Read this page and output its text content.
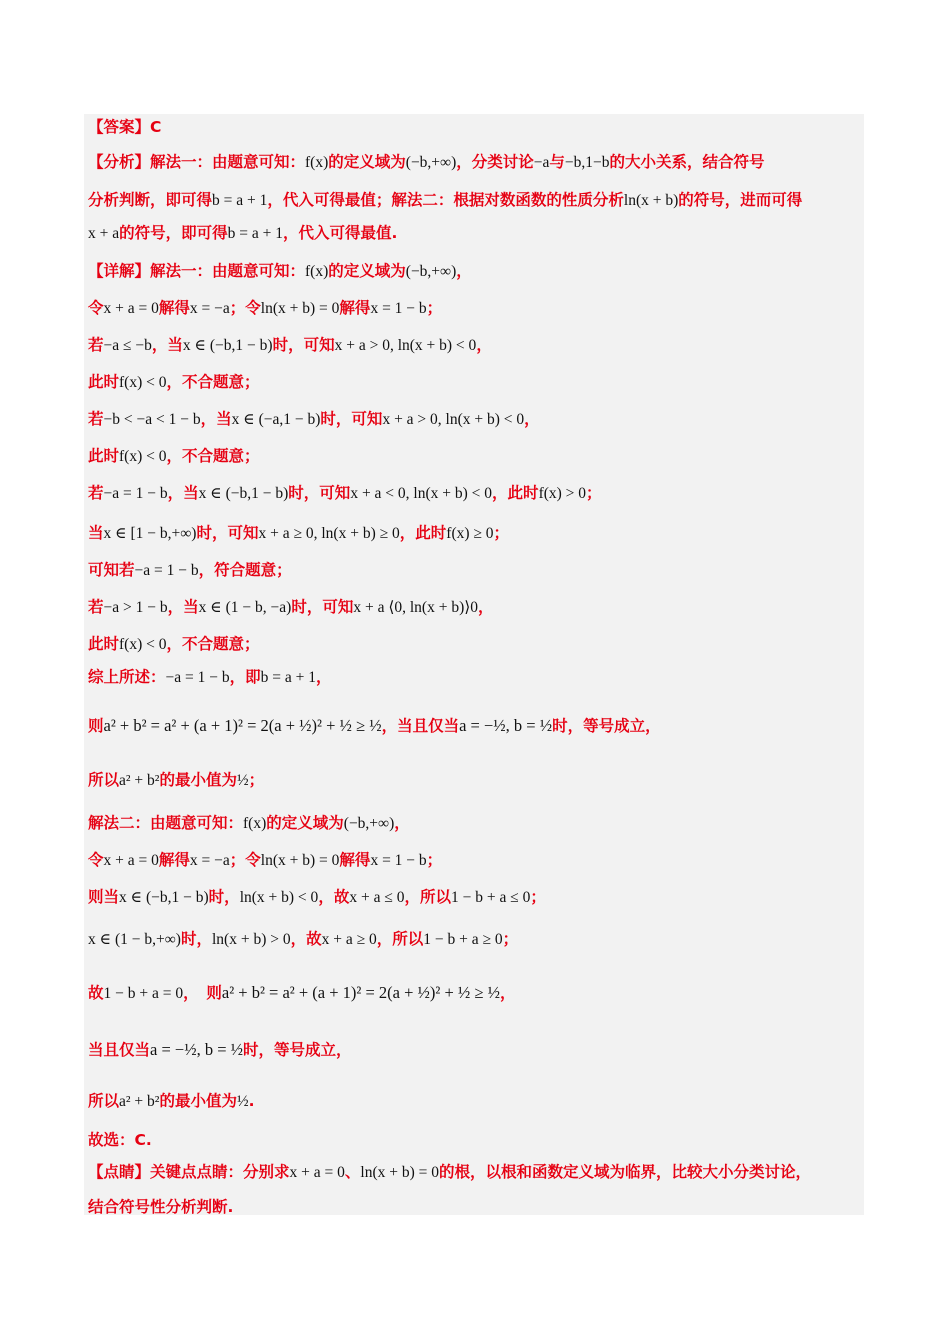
【答案】C
【分析】解法一：由题意可知：f(x)的定义域为(−b,+∞)，分类讨论−a与−b,1−b的大小关系，结合符号
分析判断，即可得b = a + 1，代入可得最值；解法二：根据对数函数的性质分析ln(x + b)的符号，进而可得
x + a的符号，即可得b = a + 1，代入可得最值.
【详解】解法一：由题意可知：f(x)的定义域为(−b,+∞)，
令x + a = 0解得x = −a；令ln(x + b) = 0解得x = 1 − b；
若−a ≤ −b，当x ∈ (−b,1 − b)时，可知x + a > 0, ln(x + b) < 0，
此时f(x) < 0，不合题意；
若−b < −a < 1 − b，当x ∈ (−a,1 − b)时，可知x + a > 0, ln(x + b) < 0，
此时f(x) < 0，不合题意；
若−a = 1 − b，当x ∈ (−b,1 − b)时，可知x + a < 0, ln(x + b) < 0，此时f(x) > 0；
当x ∈ [1 − b,+∞)时，可知x + a ≥ 0, ln(x + b) ≥ 0，此时f(x) ≥ 0；
可知若−a = 1 − b，符合题意；
若−a > 1 − b，当x ∈ (1 − b, −a)时，可知x + a ⟨0, ln(x + b)⟩0，
此时f(x) < 0，不合题意；
综上所述：−a = 1 − b，即b = a + 1，
则a² + b² = a² + (a + 1)² = 2(a + ½)² + ½ ≥ ½，当且仅当a = −½, b = ½时，等号成立，
所以a² + b²的最小值为½；
解法二：由题意可知：f(x)的定义域为(−b,+∞)，
令x + a = 0解得x = −a；令ln(x + b) = 0解得x = 1 − b；
则当x ∈ (−b,1 − b)时，ln(x + b) < 0，故x + a ≤ 0，所以1 − b + a ≤ 0；
x ∈ (1 − b,+∞)时，ln(x + b) > 0，故x + a ≥ 0，所以1 − b + a ≥ 0；
故1 − b + a = 0，　则a² + b² = a² + (a + 1)² = 2(a + ½)² + ½ ≥ ½，
当且仅当a = −½, b = ½时，等号成立，
所以a² + b²的最小值为½.
故选：C.
【点睛】关键点点睛：分别求x + a = 0、ln(x + b) = 0的根，以根和函数定义域为临界，比较大小分类讨论，
结合符号性分析判断.
